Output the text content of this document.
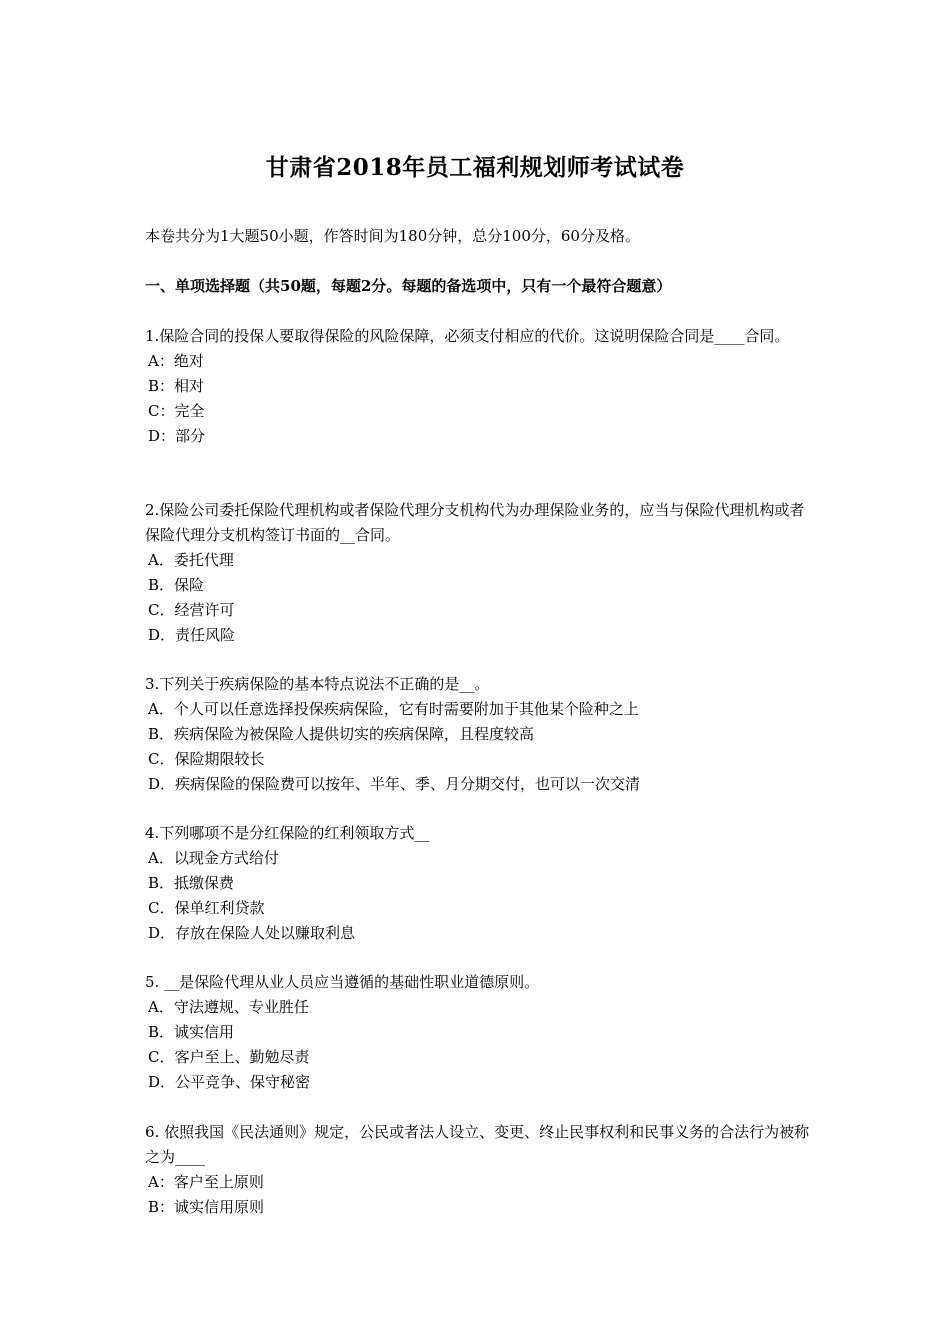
甘肃省2018年员工福利规划师考试试卷
本卷共分为1大题50小题，作答时间为180分钟，总分100分，60分及格。
一、单项选择题（共50题，每题2分。每题的备选项中，只有一个最符合题意）

1.保险合同的投保人要取得保险的风险保障，必须支付相应的代价。这说明保险合同是____合同。

A：绝对

B：相对

C：完全

D：部分

2.保险公司委托保险代理机构或者保险代理分支机构代为办理保险业务的，应当与保险代理机构或者保险代理分支机构签订书面的__合同。

A．委托代理

B．保险

C．经营许可

D．责任风险

3.下列关于疾病保险的基本特点说法不正确的是__。

A．个人可以任意选择投保疾病保险，它有时需要附加于其他某个险种之上

B．疾病保险为被保险人提供切实的疾病保障，且程度较高

C．保险期限较长

D．疾病保险的保险费可以按年、半年、季、月分期交付，也可以一次交清

4.下列哪项不是分红保险的红利领取方式__

A．以现金方式给付

B．抵缴保费

C．保单红利贷款

D．存放在保险人处以赚取利息

5. __是保险代理从业人员应当遵循的基础性职业道德原则。

A．守法遵规、专业胜任

B．诚实信用

C．客户至上、勤勉尽责

D．公平竞争、保守秘密

6. 依照我国《民法通则》规定，公民或者法人设立、变更、终止民事权利和民事义务的合法行为被称之为____

A：客户至上原则

B：诚实信用原则
